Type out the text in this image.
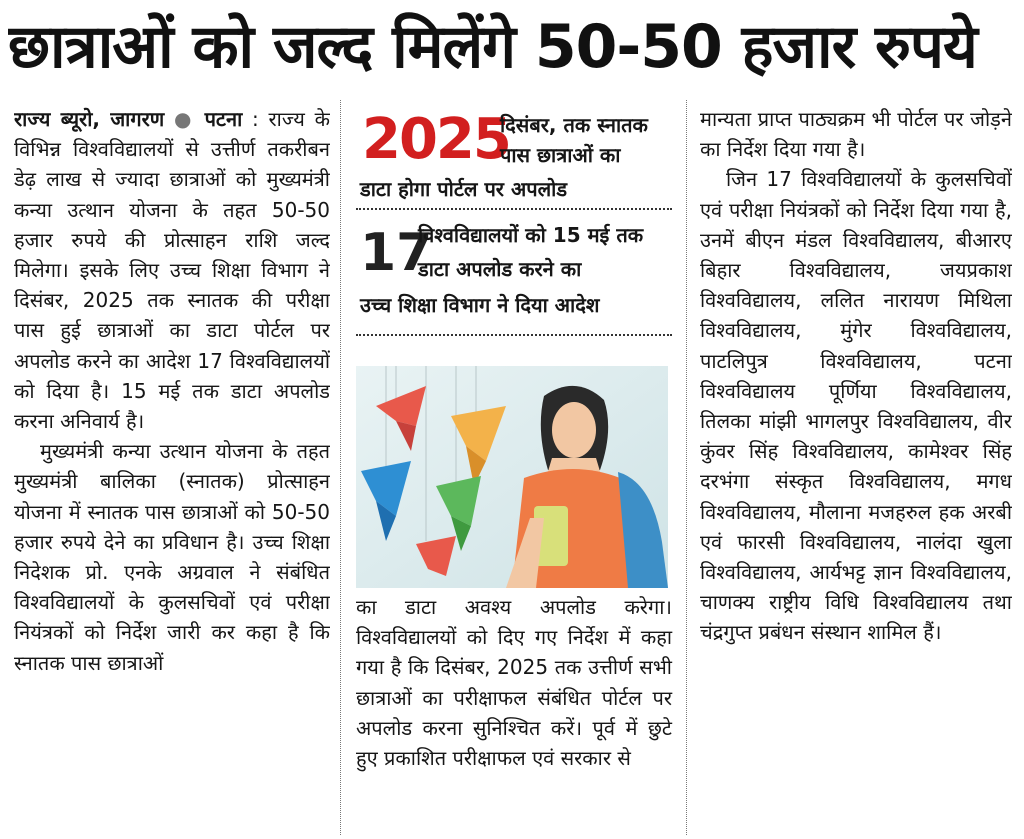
छात्राओं को जल्द मिलेंगे 50-50 हजार रुपये

राज्य ब्यूरो, जागरण ● पटना : राज्य के विभिन्न विश्वविद्यालयों से उत्तीर्ण तकरीबन डेढ़ लाख से ज्यादा छात्राओं को मुख्यमंत्री कन्या उत्थान योजना के तहत 50-50 हजार रुपये की प्रोत्साहन राशि जल्द मिलेगा। इसके लिए उच्च शिक्षा विभाग ने दिसंबर, 2025 तक स्नातक की परीक्षा पास हुई छात्राओं का डाटा पोर्टल पर अपलोड करने का आदेश 17 विश्वविद्यालयों को दिया है। 15 मई तक डाटा अपलोड करना अनिवार्य है।

मुख्यमंत्री कन्या उत्थान योजना के तहत मुख्यमंत्री बालिका (स्नातक) प्रोत्साहन योजना में स्नातक पास छात्राओं को 50-50 हजार रुपये देने का प्रविधान है। उच्च शिक्षा निदेशक प्रो. एनके अग्रवाल ने संबंधित विश्वविद्यालयों के कुलसचिवों एवं परीक्षा नियंत्रकों को निर्देश जारी कर कहा है कि स्नातक पास छात्राओं

2025
दिसंबर, तक स्नातक पास छात्राओं का
डाटा होगा पोर्टल पर अपलोड
17
विश्वविद्यालयों को 15 मई तक डाटा अपलोड करने का
उच्च शिक्षा विभाग ने दिया आदेश

का डाटा अवश्य अपलोड करेगा। विश्वविद्यालयों को दिए गए निर्देश में कहा गया है कि दिसंबर, 2025 तक उत्तीर्ण सभी छात्राओं का परीक्षाफल संबंधित पोर्टल पर अपलोड करना सुनिश्चित करें। पूर्व में छुटे हुए प्रकाशित परीक्षाफल एवं सरकार से

मान्यता प्राप्त पाठ्यक्रम भी पोर्टल पर जोड़ने का निर्देश दिया गया है।

जिन 17 विश्वविद्यालयों के कुलसचिवों एवं परीक्षा नियंत्रकों को निर्देश दिया गया है, उनमें बीएन मंडल विश्वविद्यालय, बीआरए बिहार विश्वविद्यालय, जयप्रकाश विश्वविद्यालय, ललित नारायण मिथिला विश्वविद्यालय, मुंगेर विश्वविद्यालय, पाटलिपुत्र विश्वविद्यालय, पटना विश्वविद्यालय पूर्णिया विश्वविद्यालय, तिलका मांझी भागलपुर विश्वविद्यालय, वीर कुंवर सिंह विश्वविद्यालय, कामेश्वर सिंह दरभंगा संस्कृत विश्वविद्यालय, मगध विश्वविद्यालय, मौलाना मजहरुल हक अरबी एवं फारसी विश्वविद्यालय, नालंदा खुला विश्वविद्यालय, आर्यभट्ट ज्ञान विश्वविद्यालय, चाणक्य राष्ट्रीय विधि विश्वविद्यालय तथा चंद्रगुप्त प्रबंधन संस्थान शामिल हैं।
